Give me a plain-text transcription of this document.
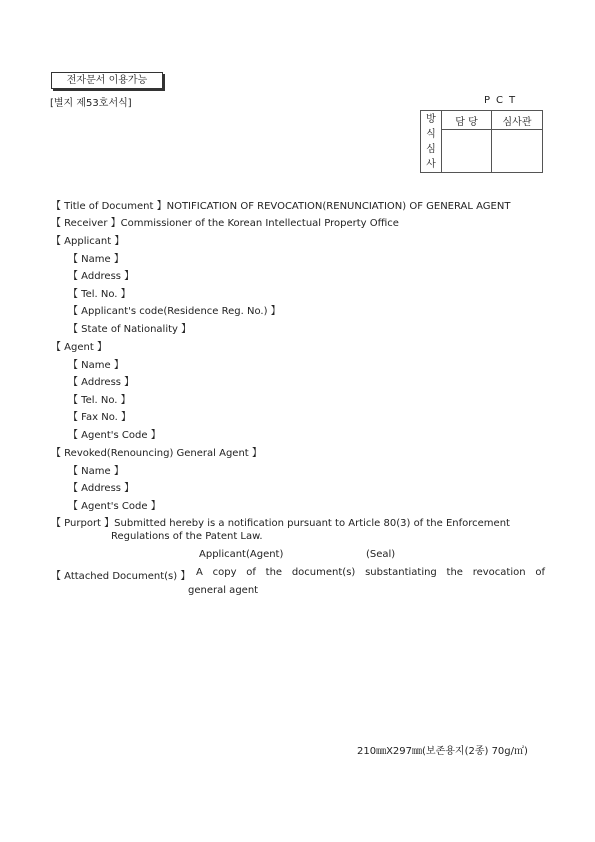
전자문서 이용가능
[별지 제53호서식]	PCT
방
식
심
사	담 당	심사관

【 Title of Document 】NOTIFICATION OF REVOCATION(RENUNCIATION) OF GENERAL AGENT
【 Receiver 】Commissioner of the Korean Intellectual Property Office
【 Applicant 】
【 Name 】
【 Address 】
【 Tel. No. 】
【 Applicant's code(Residence Reg. No.) 】
【 State of Nationality 】
【 Agent 】
【 Name 】
【 Address 】
【 Tel. No. 】
【 Fax No. 】
【 Agent's Code 】
【 Revoked(Renouncing) General Agent 】
【 Name 】
【 Address 】
【 Agent's Code 】
【 Purport 】Submitted hereby is a notification pursuant to Article 80(3) of the Enforcement
Regulations of the Patent Law.
Applicant(Agent)	(Seal)
【 Attached Document(s) 】 A copy of the document(s) substantiating the revocation of
general agent
210㎜X297㎜(보존용지(2종) 70g/㎡)
